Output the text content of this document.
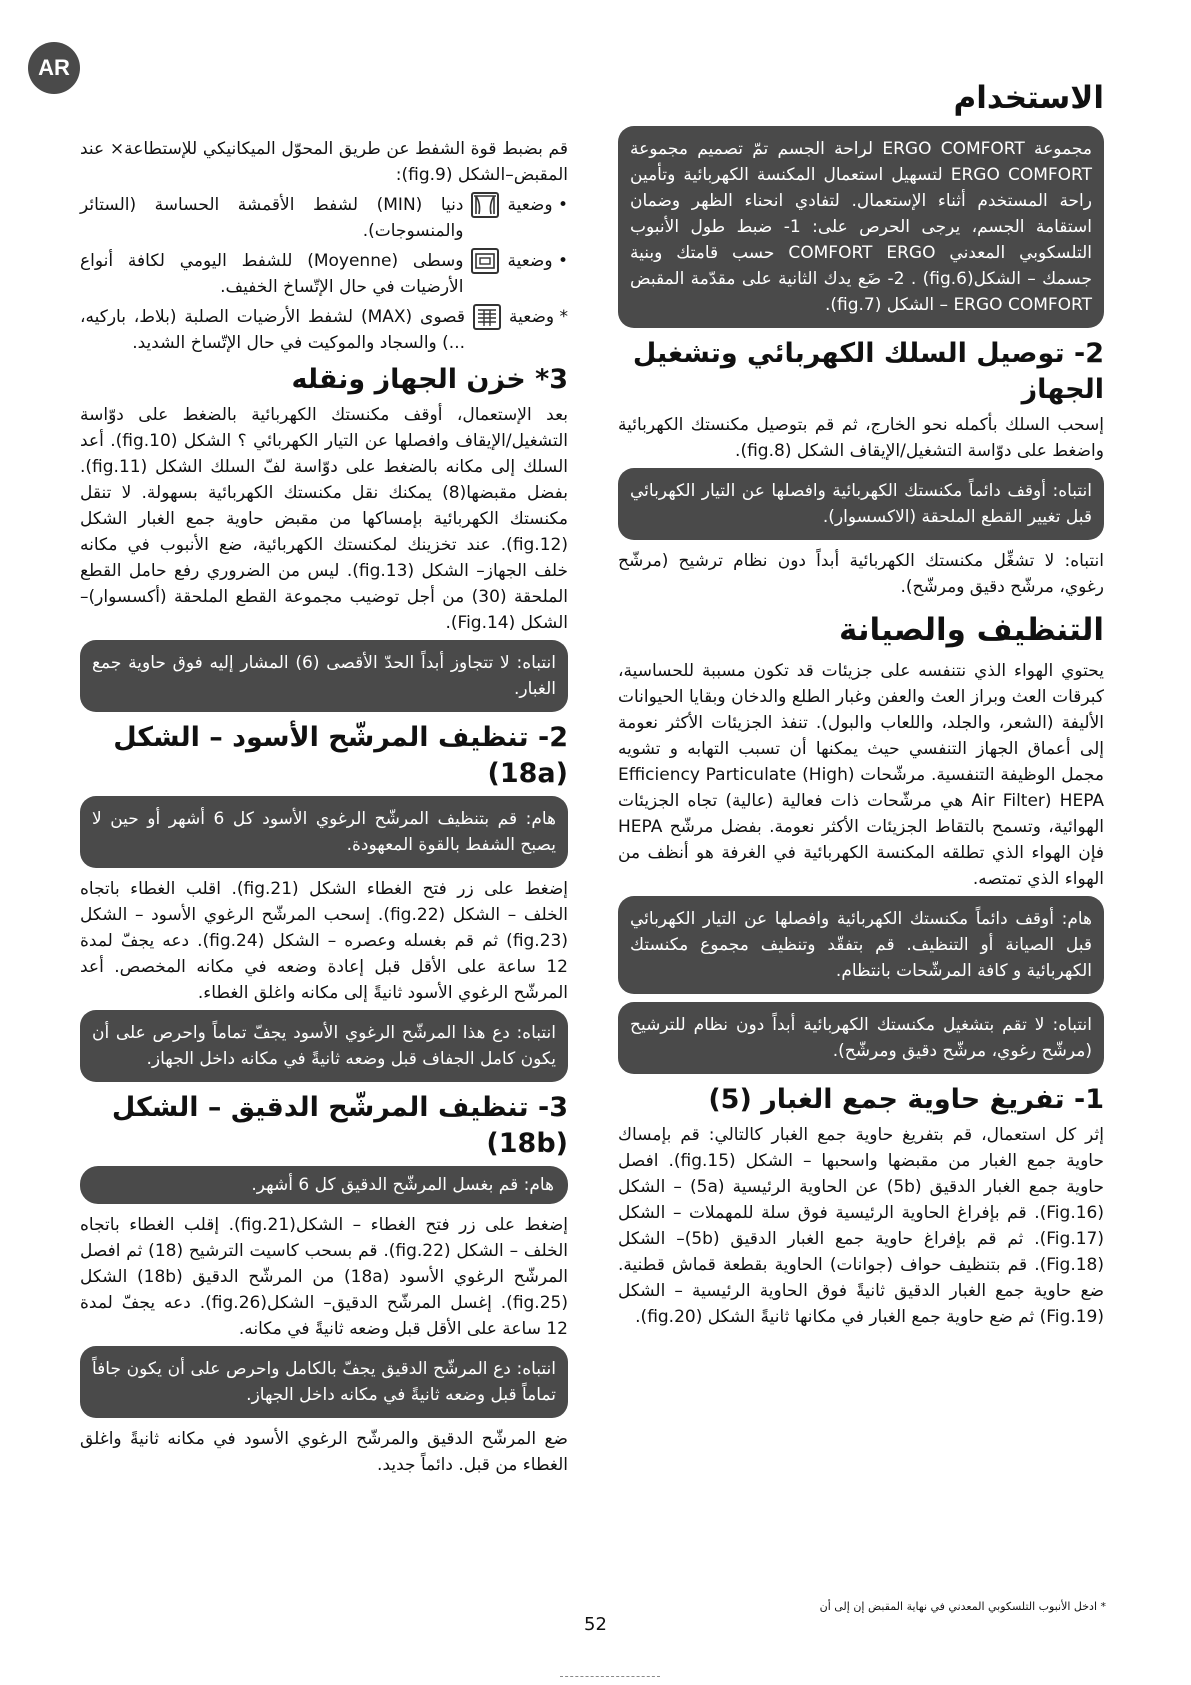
AR
الاستخدام
مجموعة ERGO COMFORT لراحة الجسم تمّ تصميم مجموعة ERGO COMFORT لتسهيل استعمال المكنسة الكهربائية وتأمين راحة المستخدم أثناء الإستعمال. لتفادي انحناء الظهر وضمان استقامة الجسم، يرجى الحرص على: 1- ضبط طول الأنبوب التلسكوبي المعدني COMFORT ERGO حسب قامتك وبنية جسمك – الشكل(fig.6) . 2- ضَع يدك الثانية على مقدّمة المقبض ERGO COMFORT – الشكل (fig.7).
2- توصيل السلك الكهربائي وتشغيل الجهاز

إسحب السلك بأكمله نحو الخارج، ثم قم بتوصيل مكنستك الكهربائية واضغط على دوّاسة التشغيل/الإيقاف الشكل (fig.8).

انتباه: أوقف دائماً مكنستك الكهربائية وافصلها عن التيار الكهربائي قبل تغيير القطع الملحقة (الاكسسوار).

انتباه: لا تشغِّل مكنستك الكهربائية أبداً دون نظام ترشيح (مرشّح رغوي، مرشّح دقيق ومرشّح).

التنظيف والصيانة

يحتوي الهواء الذي نتنفسه على جزيئات قد تكون مسببة للحساسية، كبرقات العث وبراز العث والعفن وغبار الطلع والدخان وبقايا الحيوانات الأليفة (الشعر، والجلد، واللعاب والبول). تنفذ الجزيئات الأكثر نعومة إلى أعماق الجهاز التنفسي حيث يمكنها أن تسبب التهابه و تشويه مجمل الوظيفة التنفسية. مرشّحات (High) Efficiency Particulate Air Filter) HEPA هي مرشّحات ذات فعالية (عالية) تجاه الجزيئات الهوائية، وتسمح بالتقاط الجزيئات الأكثر نعومة. بفضل مرشّح HEPA فإن الهواء الذي تطلقه المكنسة الكهربائية في الغرفة هو أنظف من الهواء الذي تمتصه.

هام: أوقف دائماً مكنستك الكهربائية وافصلها عن التيار الكهربائي قبل الصيانة أو التنظيف. قم بتفقّد وتنظيف مجموع مكنستك الكهربائية و كافة المرشّحات بانتظام.
انتباه: لا تقم بتشغيل مكنستك الكهربائية أبداً دون نظام للترشيح (مرشّح رغوي، مرشّح دقيق ومرشّح).
1- تفريغ حاوية جمع الغبار (5)

إثر كل استعمال، قم بتفريغ حاوية جمع الغبار كالتالي: قم بإمساك حاوية جمع الغبار من مقبضها واسحبها – الشكل (fig.15). افصل حاوية جمع الغبار الدقيق (5b) عن الحاوية الرئيسية (5a) – الشكل (Fig.16). قم بإفراغ الحاوية الرئيسية فوق سلة للمهملات – الشكل (Fig.17). ثم قم بإفراغ حاوية جمع الغبار الدقيق (5b)– الشكل (Fig.18). قم بتنظيف حواف (جوانات) الحاوية بقطعة قماش قطنية. ضع حاوية جمع الغبار الدقيق ثانيةً فوق الحاوية الرئيسية – الشكل (Fig.19) ثم ضع حاوية جمع الغبار في مكانها ثانيةً الشكل (fig.20).

قم بضبط قوة الشفط عن طريق المحوّل الميكانيكي للإستطاعة× عند المقبض–الشكل (fig.9):

• وضعية
دنيا (MIN) لشفط الأقمشة الحساسة (الستائر والمنسوجات).
• وضعية
وسطى (Moyenne) للشفط اليومي لكافة أنواع الأرضيات في حال الإتّساخ الخفيف.
* وضعية
قصوى (MAX) لشفط الأرضيات الصلبة (بلاط، باركيه، ...) والسجاد والموكيت في حال الإتّساخ الشديد.
3* خزن الجهاز ونقله

بعد الإستعمال، أوقف مكنستك الكهربائية بالضغط على دوّاسة التشغيل/الإيقاف وافصلها عن التيار الكهربائي ؟ الشكل (fig.10). أعد السلك إلى مكانه بالضغط على دوّاسة لفّ السلك الشكل (fig.11). بفضل مقبضها(8) يمكنك نقل مكنستك الكهربائية بسهولة. لا تنقل مكنستك الكهربائية بإمساكها من مقبض حاوية جمع الغبار الشكل (fig.12). عند تخزينك لمكنستك الكهربائية، ضع الأنبوب في مكانه خلف الجهاز– الشكل (fig.13). ليس من الضروري رفع حامل القطع الملحقة (30) من أجل توضيب مجموعة القطع الملحقة (أكسسوار)– الشكل (Fig.14).

انتباه: لا تتجاوز أبداً الحدّ الأقصى (6) المشار إليه فوق حاوية جمع الغبار.
2- تنظيف المرشّح الأسود – الشكل (18a)
هام: قم بتنظيف المرشّح الرغوي الأسود كل 6 أشهر أو حين لا يصبح الشفط بالقوة المعهودة.

إضغط على زر فتح الغطاء الشكل (fig.21). اقلب الغطاء باتجاه الخلف – الشكل (fig.22). إسحب المرشّح الرغوي الأسود – الشكل (fig.23) ثم قم بغسله وعصره – الشكل (fig.24). دعه يجفّ لمدة 12 ساعة على الأقل قبل إعادة وضعه في مكانه المخصص. أعد المرشّح الرغوي الأسود ثانيةً إلى مكانه واغلق الغطاء.

انتباه: دع هذا المرشّح الرغوي الأسود يجفّ تماماً واحرص على أن يكون كامل الجفاف قبل وضعه ثانيةً في مكانه داخل الجهاز.
3- تنظيف المرشّح الدقيق – الشكل (18b)
هام: قم بغسل المرشّح الدقيق كل 6 أشهر.

إضغط على زر فتح الغطاء – الشكل(fig.21). إقلب الغطاء باتجاه الخلف – الشكل (fig.22). قم بسحب كاسيت الترشيح (18) ثم افصل المرشّح الرغوي الأسود (18a) من المرشّح الدقيق (18b) الشكل (fig.25). إغسل المرشّح الدقيق– الشكل(fig.26). دعه يجفّ لمدة 12 ساعة على الأقل قبل وضعه ثانيةً في مكانه.

انتباه: دع المرشّح الدقيق يجفّ بالكامل واحرص على أن يكون جافاً تماماً قبل وضعه ثانيةً في مكانه داخل الجهاز.

ضع المرشّح الدقيق والمرشّح الرغوي الأسود في مكانه ثانيةً واغلق الغطاء من قبل. دائماً جديد.

* ادخل الأنبوب التلسكوبي المعدني في نهاية المقبض إن إلى أن
52
